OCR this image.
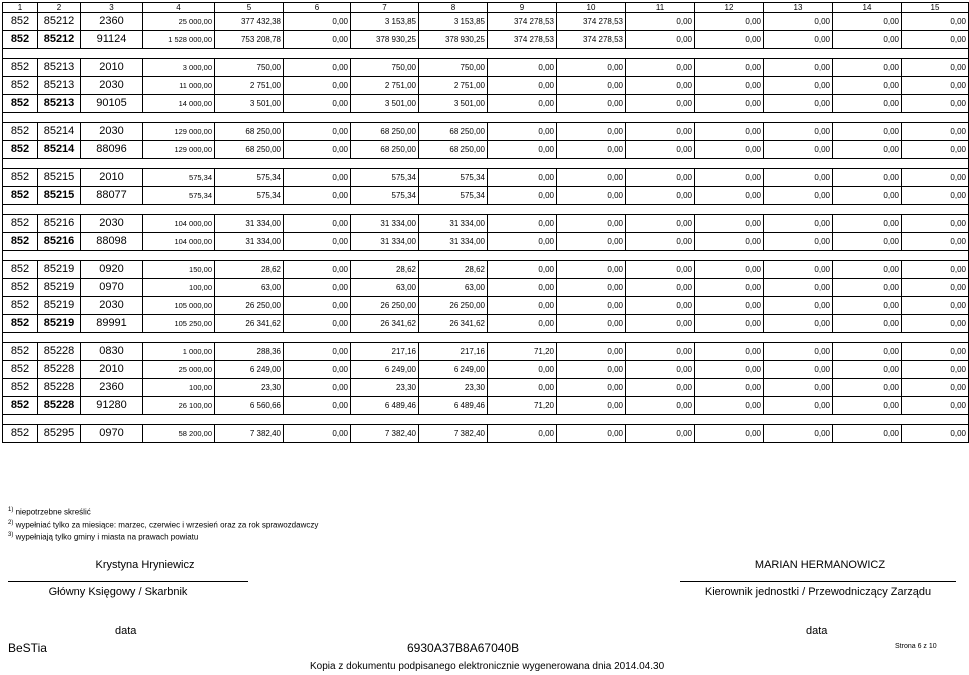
1	2	3	4	5	6	7	8	9	10	11	12	13	14	15
852	85212	2360	25 000,00	377 432,38	0,00	3 153,85	3 153,85	374 278,53	374 278,53	0,00	0,00	0,00	0,00	0,00
852	85212	91124	1 528 000,00	753 208,78	0,00	378 930,25	378 930,25	374 278,53	374 278,53	0,00	0,00	0,00	0,00	0,00

852	85213	2010	3 000,00	750,00	0,00	750,00	750,00	0,00	0,00	0,00	0,00	0,00	0,00	0,00
852	85213	2030	11 000,00	2 751,00	0,00	2 751,00	2 751,00	0,00	0,00	0,00	0,00	0,00	0,00	0,00
852	85213	90105	14 000,00	3 501,00	0,00	3 501,00	3 501,00	0,00	0,00	0,00	0,00	0,00	0,00	0,00

852	85214	2030	129 000,00	68 250,00	0,00	68 250,00	68 250,00	0,00	0,00	0,00	0,00	0,00	0,00	0,00
852	85214	88096	129 000,00	68 250,00	0,00	68 250,00	68 250,00	0,00	0,00	0,00	0,00	0,00	0,00	0,00

852	85215	2010	575,34	575,34	0,00	575,34	575,34	0,00	0,00	0,00	0,00	0,00	0,00	0,00
852	85215	88077	575,34	575,34	0,00	575,34	575,34	0,00	0,00	0,00	0,00	0,00	0,00	0,00

852	85216	2030	104 000,00	31 334,00	0,00	31 334,00	31 334,00	0,00	0,00	0,00	0,00	0,00	0,00	0,00
852	85216	88098	104 000,00	31 334,00	0,00	31 334,00	31 334,00	0,00	0,00	0,00	0,00	0,00	0,00	0,00

852	85219	0920	150,00	28,62	0,00	28,62	28,62	0,00	0,00	0,00	0,00	0,00	0,00	0,00
852	85219	0970	100,00	63,00	0,00	63,00	63,00	0,00	0,00	0,00	0,00	0,00	0,00	0,00
852	85219	2030	105 000,00	26 250,00	0,00	26 250,00	26 250,00	0,00	0,00	0,00	0,00	0,00	0,00	0,00
852	85219	89991	105 250,00	26 341,62	0,00	26 341,62	26 341,62	0,00	0,00	0,00	0,00	0,00	0,00	0,00

852	85228	0830	1 000,00	288,36	0,00	217,16	217,16	71,20	0,00	0,00	0,00	0,00	0,00	0,00
852	85228	2010	25 000,00	6 249,00	0,00	6 249,00	6 249,00	0,00	0,00	0,00	0,00	0,00	0,00	0,00
852	85228	2360	100,00	23,30	0,00	23,30	23,30	0,00	0,00	0,00	0,00	0,00	0,00	0,00
852	85228	91280	26 100,00	6 560,66	0,00	6 489,46	6 489,46	71,20	0,00	0,00	0,00	0,00	0,00	0,00

852	85295	0970	58 200,00	7 382,40	0,00	7 382,40	7 382,40	0,00	0,00	0,00	0,00	0,00	0,00	0,00
$^{1)}$ niepotrzebne skreślić
$^{2)}$ wypełniać tylko za miesiące: marzec, czerwiec i wrzesień oraz za rok sprawozdawczy
$^{3)}$ wypełniają tylko gminy i miasta na prawach powiatu
Krystyna Hryniewicz
Główny Księgowy / Skarbnik
MARIAN HERMANOWICZ
Kierownik jednostki / Przewodniczący Zarządu
data	data
BeSTia	6930A37B8A67040B	Strona 6 z 10
Kopia z dokumentu podpisanego elektronicznie wygenerowana dnia 2014.04.30
